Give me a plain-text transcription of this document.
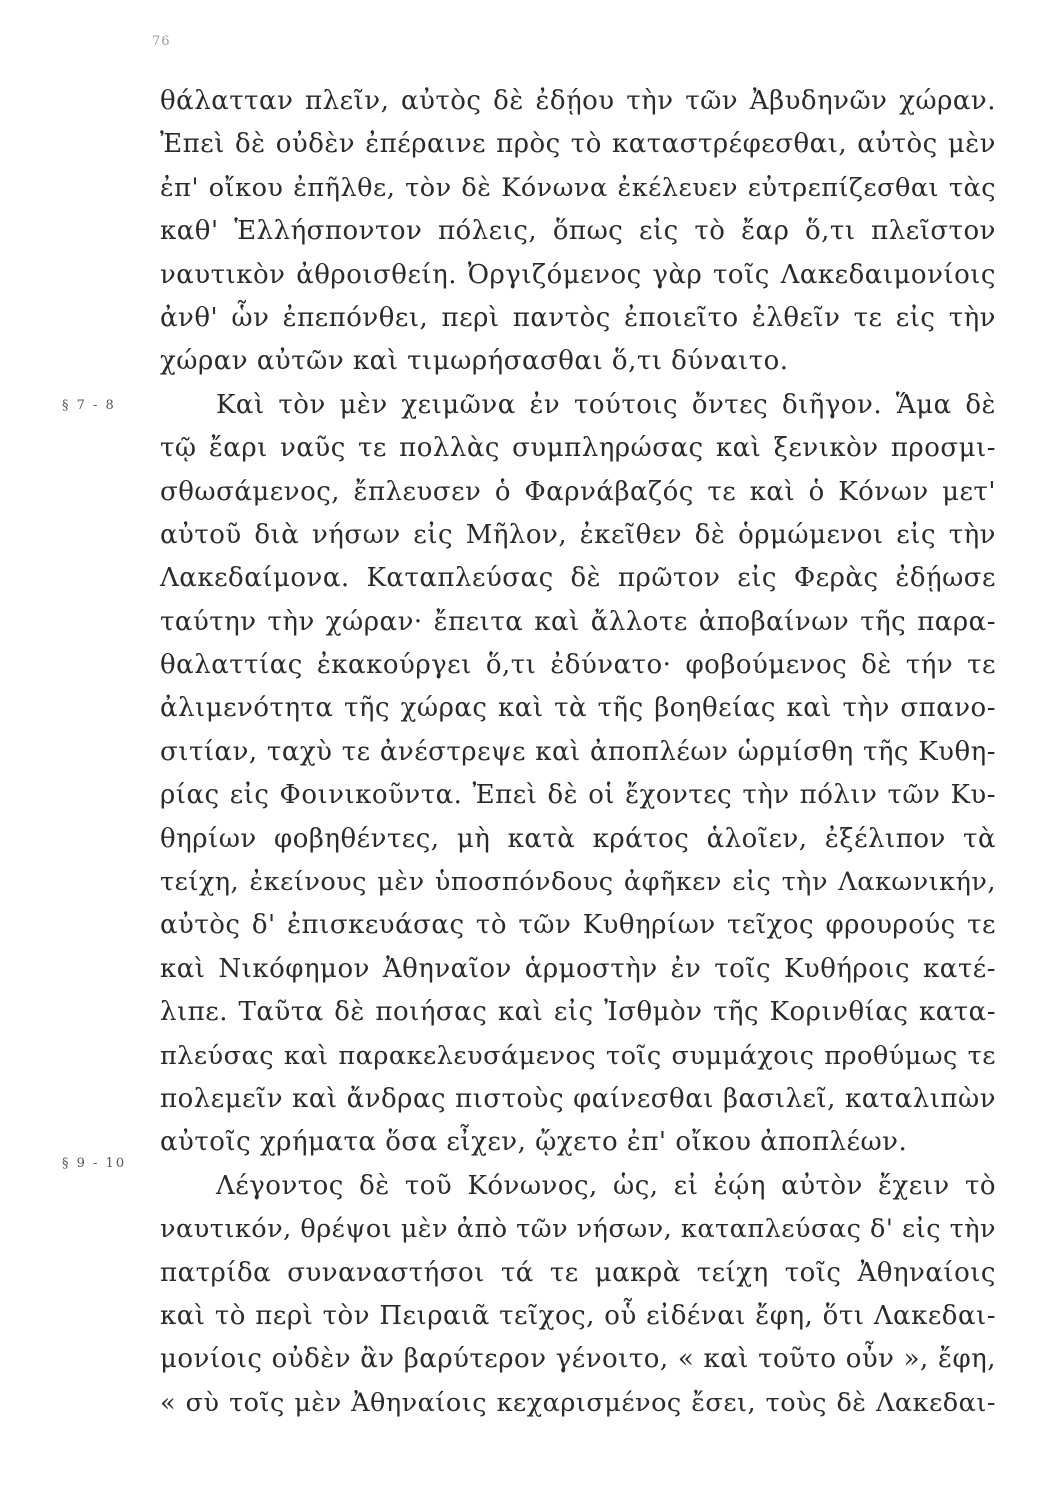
76
§ 7 - 8
§ 9 - 10
θάλατταν πλεῖν, αὐτὸς δὲ ἐδῄου τὴν τῶν Ἀβυδηνῶν χώραν.
Ἐπεὶ δὲ οὐδὲν ἐπέραινε πρὸς τὸ καταστρέφεσθαι, αὐτὸς μὲν
ἐπ' οἴκου ἐπῆλθε, τὸν δὲ Κόνωνα ἐκέλευεν εὐτρεπίζεσθαι τὰς
καθ' Ἑλλήσποντον πόλεις, ὅπως εἰς τὸ ἔαρ ὅ,τι πλεῖστον
ναυτικὸν ἀθροισθείη. Ὀργιζόμενος γὰρ τοῖς Λακεδαιμονίοις
ἀνθ' ὧν ἐπεπόνθει, περὶ παντὸς ἐποιεῖτο ἐλθεῖν τε εἰς τὴν
χώραν αὐτῶν καὶ τιμωρήσασθαι ὅ,τι δύναιτο.
Καὶ τὸν μὲν χειμῶνα ἐν τούτοις ὄντες διῆγον. Ἅμα δὲ
τῷ ἔαρι ναῦς τε πολλὰς συμπληρώσας καὶ ξενικὸν προσμι-
σθωσάμενος, ἔπλευσεν ὁ Φαρνάβαζός τε καὶ ὁ Κόνων μετ'
αὐτοῦ διὰ νήσων εἰς Μῆλον, ἐκεῖθεν δὲ ὁρμώμενοι εἰς τὴν
Λακεδαίμονα. Καταπλεύσας δὲ πρῶτον εἰς Φερὰς ἐδῄωσε
ταύτην τὴν χώραν· ἔπειτα καὶ ἄλλοτε ἀποβαίνων τῆς παρα-
θαλαττίας ἐκακούργει ὅ,τι ἐδύνατο· φοβούμενος δὲ τήν τε
ἀλιμενότητα τῆς χώρας καὶ τὰ τῆς βοηθείας καὶ τὴν σπανο-
σιτίαν, ταχὺ τε ἀνέστρεψε καὶ ἀποπλέων ὡρμίσθη τῆς Κυθη-
ρίας εἰς Φοινικοῦντα. Ἐπεὶ δὲ οἱ ἔχοντες τὴν πόλιν τῶν Κυ-
θηρίων φοβηθέντες, μὴ κατὰ κράτος ἁλοῖεν, ἐξέλιπον τὰ
τείχη, ἐκείνους μὲν ὑποσπόνδους ἀφῆκεν εἰς τὴν Λακωνικήν,
αὐτὸς δ' ἐπισκευάσας τὸ τῶν Κυθηρίων τεῖχος φρουρούς τε
καὶ Νικόφημον Ἀθηναῖον ἁρμοστὴν ἐν τοῖς Κυθήροις κατέ-
λιπε. Ταῦτα δὲ ποιήσας καὶ εἰς Ἰσθμὸν τῆς Κορινθίας κατα-
πλεύσας καὶ παρακελευσάμενος τοῖς συμμάχοις προθύμως τε
πολεμεῖν καὶ ἄνδρας πιστοὺς φαίνεσθαι βασιλεῖ, καταλιπὼν
αὐτοῖς χρήματα ὅσα εἶχεν, ᾤχετο ἐπ' οἴκου ἀποπλέων.
Λέγοντος δὲ τοῦ Κόνωνος, ὡς, εἰ ἐῴη αὐτὸν ἔχειν τὸ
ναυτικόν, θρέψοι μὲν ἀπὸ τῶν νήσων, καταπλεύσας δ' εἰς τὴν
πατρίδα συναναστήσοι τά τε μακρὰ τείχη τοῖς Ἀθηναίοις
καὶ τὸ περὶ τὸν Πειραιᾶ τεῖχος, οὗ εἰδέναι ἔφη, ὅτι Λακεδαι-
μονίοις οὐδὲν ἂν βαρύτερον γένοιτο, « καὶ τοῦτο οὖν », ἔφη,
« σὺ τοῖς μὲν Ἀθηναίοις κεχαρισμένος ἔσει, τοὺς δὲ Λακεδαι-
